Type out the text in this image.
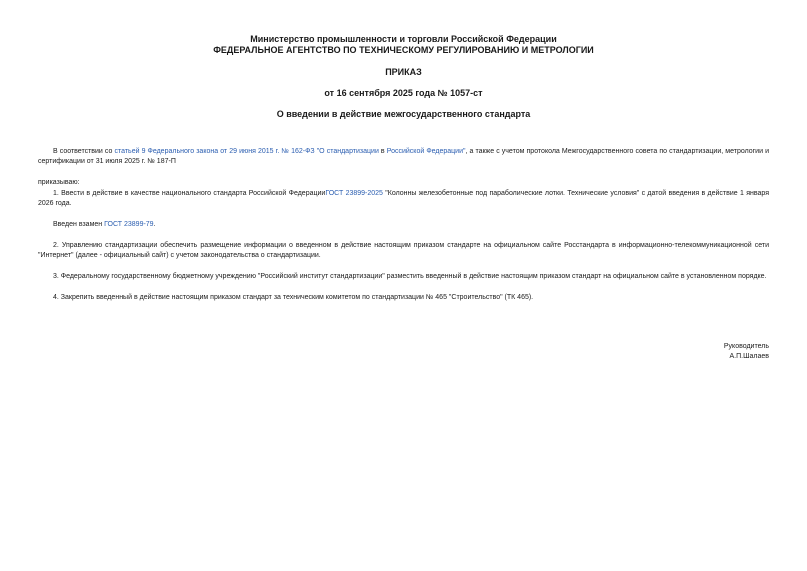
Министерство промышленности и торговли Российской Федерации

ФЕДЕРАЛЬНОЕ АГЕНТСТВО ПО ТЕХНИЧЕСКОМУ РЕГУЛИРОВАНИЮ И МЕТРОЛОГИИ

ПРИКАЗ

от 16 сентября 2025 года № 1057-ст

О введении в действие межгосударственного стандарта

В соответствии со статьей 9 Федерального закона от 29 июня 2015 г. № 162-ФЗ "О стандартизации в Российской Федерации", а также с учетом протокола Межгосударственного совета по стандартизации, метрологии и сертификации от 31 июля 2025 г. № 187-П

приказываю:

1. Ввести в действие в качестве национального стандарта Российской ФедерацииГОСТ 23899-2025 "Колонны железобетонные под параболические лотки. Технические условия" с датой введения в действие 1 января 2026 года.

Введен взамен ГОСТ 23899-79.

2. Управлению стандартизации обеспечить размещение информации о введенном в действие настоящим приказом стандарте на официальном сайте Росстандарта в информационно-телекоммуникационной сети "Интернет" (далее - официальный сайт) с учетом законодательства о стандартизации.

3. Федеральному государственному бюджетному учреждению "Российский институт стандартизации" разместить введенный в действие настоящим приказом стандарт на официальном сайте в установленном порядке.

4. Закрепить введенный в действие настоящим приказом стандарт за техническим комитетом по стандартизации № 465 "Строительство" (ТК 465).

Руководитель
А.П.Шалаев
